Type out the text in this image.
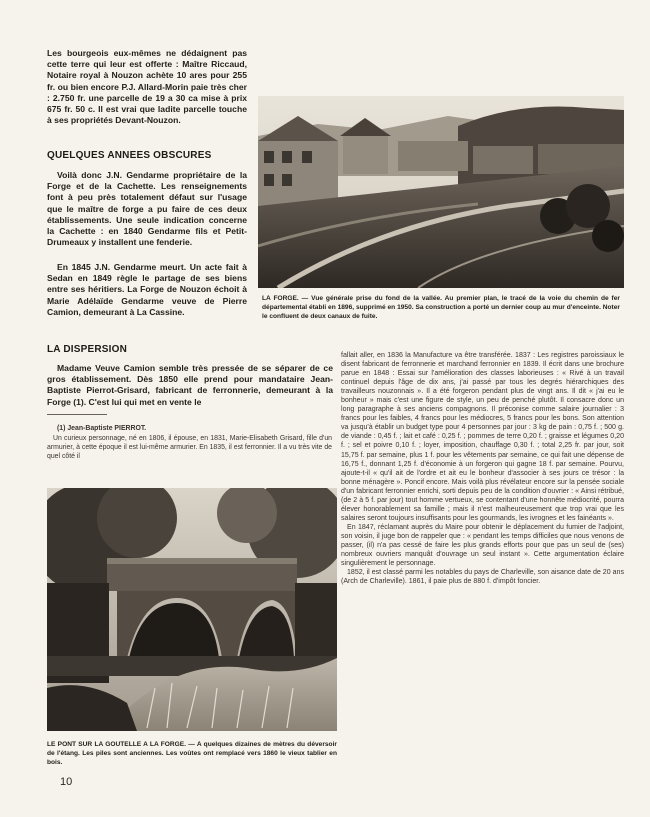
Les bourgeois eux-mêmes ne dédaignent pas cette terre qui leur est offerte : Maître Riccaud, Notaire royal à Nouzon achète 10 ares pour 255 fr. ou bien encore P.J. Allard-Morin paie très cher : 2.750 fr. une parcelle de 19 a 30 ca mise à prix 675 fr. 50 c. Il est vrai que ladite parcelle touche à ses propriétés Devant-Nouzon.

QUELQUES ANNEES OBSCURES

Voilà donc J.N. Gendarme propriétaire de la Forge et de la Cachette. Les renseignements font à peu près totalement défaut sur l'usage que le maître de forge a pu faire de ces deux établissements. Une seule indication concerne la Cachette : en 1840 Gendarme fils et Petit-Drumeaux y installent une fenderie.

En 1845 J.N. Gendarme meurt. Un acte fait à Sedan en 1849 règle le partage de ses biens entre ses héritiers. La Forge de Nouzon échoit à Marie Adélaïde Gendarme veuve de Pierre Camion, demeurant à La Cassine.

LA FORGE. — Vue générale prise du fond de la vallée. Au premier plan, le tracé de la voie du chemin de fer départemental établi en 1896, supprimé en 1950. Sa construction a porté un dernier coup au mur d'enceinte. Noter le confluent de deux canaux de fuite.

LA DISPERSION

Madame Veuve Camion semble très pressée de se séparer de ce gros établissement. Dès 1850 elle prend pour mandataire Jean-Baptiste Pierrot-Grisard, fabricant de ferronnerie, demeurant à la Forge (1). C'est lui qui met en vente le

(1) Jean-Baptiste PIERROT.

Un curieux personnage, né en 1806, il épouse, en 1831, Marie-Elisabeth Grisard, fille d'un armurier, à cette époque il est lui-même armurier. En 1835, il est ferronnier. Il a vu très vite de quel côté il

fallait aller, en 1836 la Manufacture va être transférée. 1837 : Les registres paroissiaux le disent fabricant de ferronnerie et marchand ferronnier en 1839. Il écrit dans une brochure parue en 1848 : Essai sur l'amélioration des classes laborieuses : « Rivé à un travail continuel depuis l'âge de dix ans, j'ai passé par tous les degrés hiérarchiques des travailleurs nouzonnais ». Il a été forgeron pendant plus de vingt ans. Il dit « j'ai eu le bonheur » mais c'est une figure de style, un peu de penché plutôt. Il consacre donc un long paragraphe à ses anciens compagnons. Il préconise comme salaire journalier : 3 francs pour les faibles, 4 francs pour les médiocres, 5 francs pour les bons. Son attention va jusqu'à établir un budget type pour 4 personnes par jour : 3 kg de pain : 0,75 f. ; 500 g. de viande : 0,45 f. ; lait et café : 0,25 f. ; pommes de terre 0,20 f. ; graisse et légumes 0,20 f. ; sel et poivre 0,10 f. ; loyer, imposition, chauffage 0,30 f. ; total 2,25 fr. par jour, soit 15,75 f. par semaine, plus 1 f. pour les vêtements par semaine, ce qui fait une dépense de 16,75 f., donnant 1,25 f. d'économie à un forgeron qui gagne 18 f. par semaine. Pourvu, ajoute-t-il « qu'il ait de l'ordre et ait eu le bonheur d'associer à ses jours ce trésor : la bonne ménagère ». Poncif encore. Mais voilà plus révélateur encore sur la pensée sociale d'un fabricant ferronnier enrichi, sorti depuis peu de la condition d'ouvrier : « Ainsi rétribué, (de 2 à 5 f. par jour) tout homme vertueux, se contentant d'une honnête médiocrité, pourra élever honorablement sa famille ; mais il n'est malheureusement que trop vrai que les salaires seront toujours insuffisants pour les gourmands, les ivrognes et les fainéants ».

En 1847, réclamant auprès du Maire pour obtenir le déplacement du fumier de l'adjoint, son voisin, il juge bon de rappeler que : « pendant les temps difficiles que nous venons de passer, (il) n'a pas cessé de faire les plus grands efforts pour que pas un seul de (ses) nombreux ouvriers manquât d'ouvrage un seul instant ». Cette argumentation éclaire singulièrement le personnage.

1852, il est classé parmi les notables du pays de Charleville, son aisance date de 20 ans (Arch de Charleville). 1861, il paie plus de 880 f. d'impôt foncier.

LE PONT SUR LA GOUTELLE A LA FORGE. — A quelques dizaines de mètres du déversoir de l'étang. Les piles sont anciennes. Les voûtes ont remplacé vers 1860 le vieux tablier en bois.

10
